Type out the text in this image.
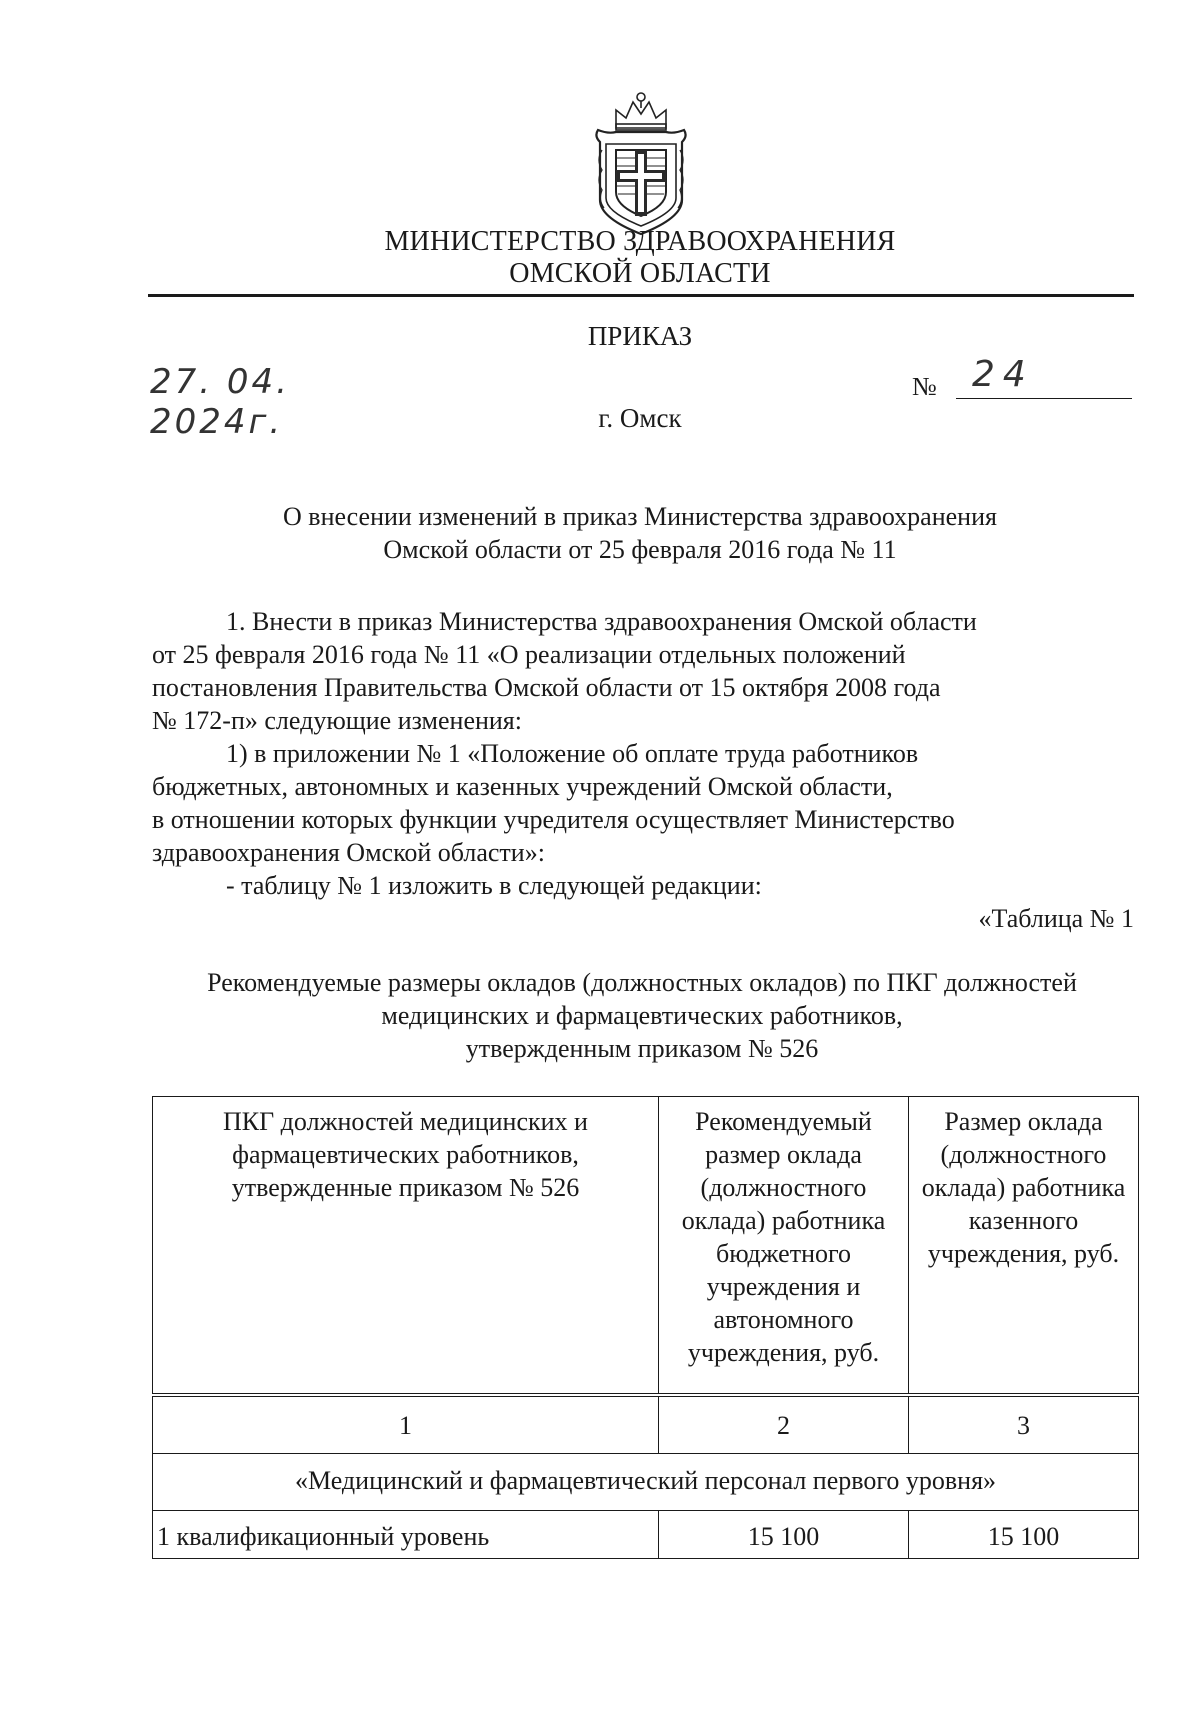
МИНИСТЕРСТВО ЗДРАВООХРАНЕНИЯ
ОМСКОЙ ОБЛАСТИ
ПРИКАЗ
27. 04. 2024г.
№ 24
г. Омск
О внесении изменений в приказ Министерства здравоохранения
Омской области от 25 февраля 2016 года № 11
1. Внести в приказ Министерства здравоохранения Омской области
от 25 февраля 2016 года № 11 «О реализации отдельных положений
постановления Правительства Омской области от 15 октября 2008 года
№ 172-п» следующие изменения:
1) в приложении № 1 «Положение об оплате труда работников
бюджетных, автономных и казенных учреждений Омской области,
в отношении которых функции учредителя осуществляет Министерство
здравоохранения Омской области»:
- таблицу № 1 изложить в следующей редакции:
«Таблица № 1
Рекомендуемые размеры окладов (должностных окладов) по ПКГ должностей
медицинских и фармацевтических работников,
утвержденным приказом № 526
ПКГ должностей медицинских и фармацевтических работников, утвержденные приказом № 526	Рекомендуемый размер оклада (должностного оклада) работника бюджетного учреждения и автономного учреждения, руб.	Размер оклада (должностного оклада) работника казенного учреждения, руб.
1	2	3
«Медицинский и фармацевтический персонал первого уровня»		
1 квалификационный уровень	15 100	15 100
